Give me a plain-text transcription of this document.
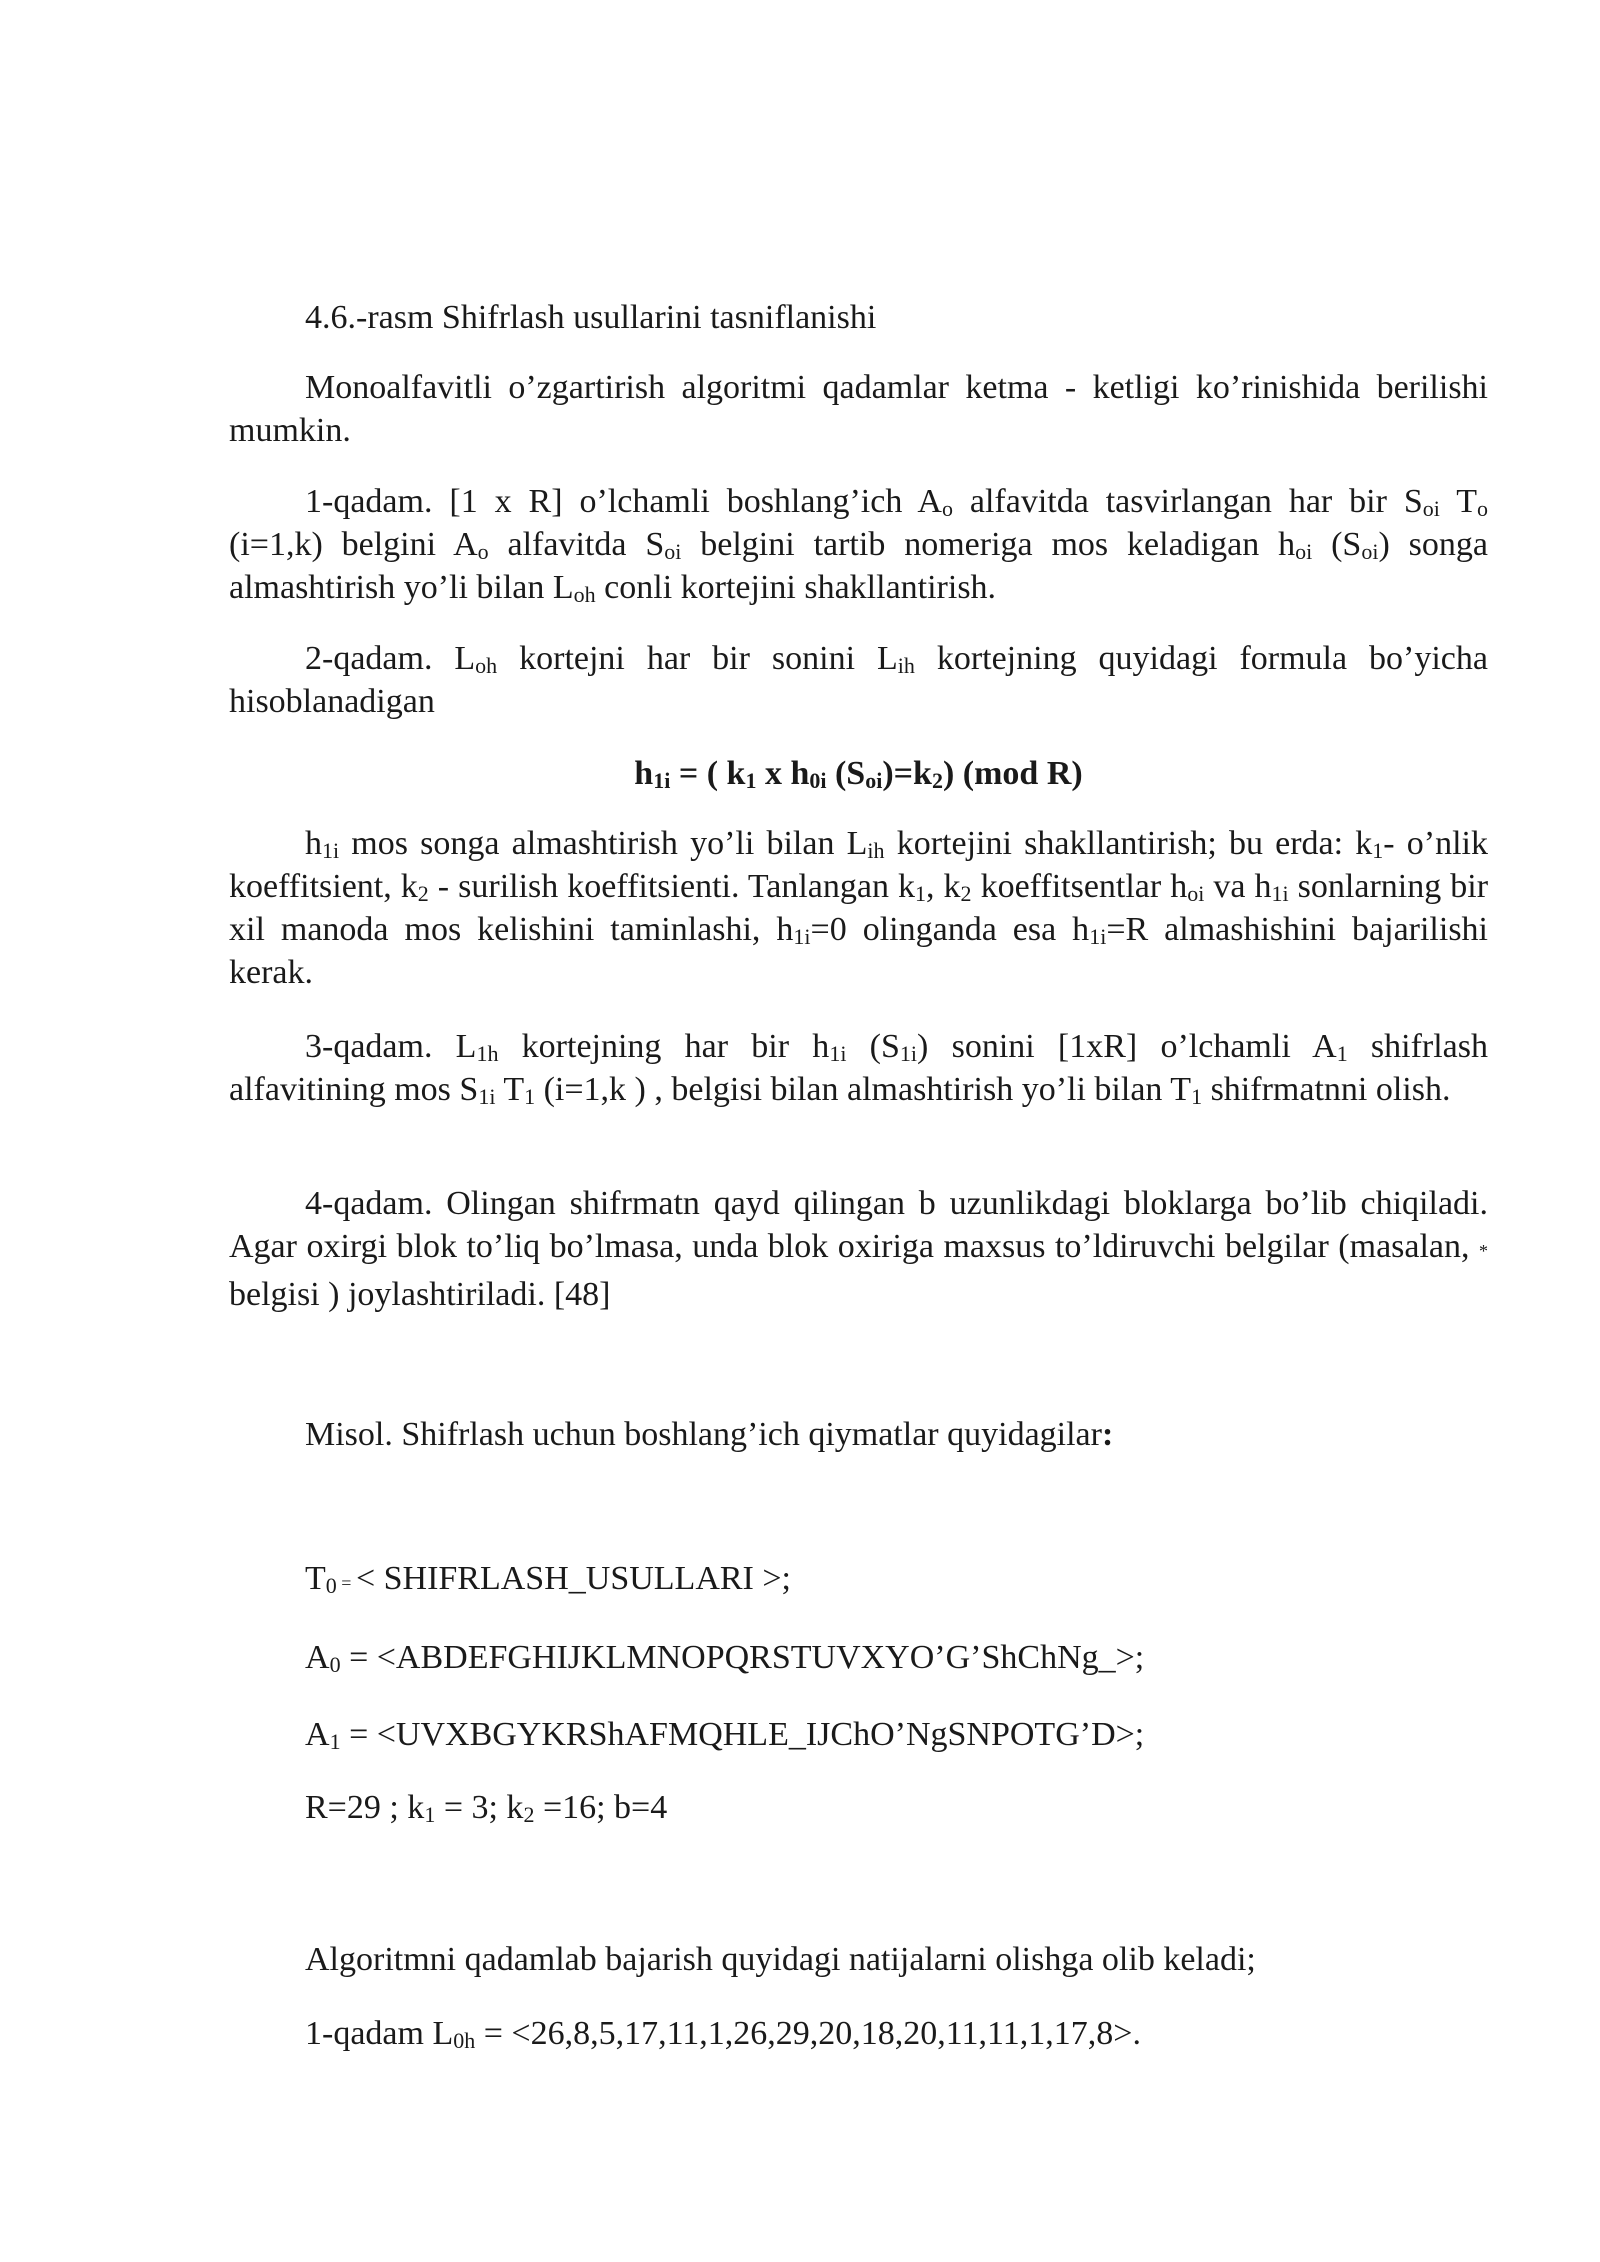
4.6.-rasm Shifrlash usullarini tasniflanishi

Monoalfavitli o’zgartirish algoritmi qadamlar ketma - ketligi ko’rinishida berilishi mumkin.

1-qadam. [1 x R] o’lchamli boshlang’ich $A_o$ alfavitda tasvirlangan har bir $S_{oi}$ $T_o$ (i=1,k) belgini $A_o$ alfavitda $S_{oi}$ belgini tartib nomeriga mos keladigan $h_{oi}$ $(S_{oi})$ songa almashtirish yo’li bilan $L_{oh}$ conli kortejini shakllantirish.

2-qadam. $L_{oh}$ kortejni har bir sonini $L_{ih}$ kortejning quyidagi formula bo’yicha hisoblanadigan

$h_{1i}$ = ( $k_1$ x $h_{0i}$ $(S_{oi})=k_2$) (mod R)

$h_{1i}$ mos songa almashtirish yo’li bilan $L_{ih}$ kortejini shakllantirish; bu erda: $k_1-$ o’nlik koeffitsient, $k_2$ - surilish koeffitsienti. Tanlangan $k_1$, $k_2$ koeffitsentlar $h_{oi}$ va $h_{1i}$ sonlarning bir xil manoda mos kelishini taminlashi, $h_{1i}=0$ olinganda esa $h_{1i}=R$ almashishini bajarilishi kerak.

3-qadam. $L_{1h}$ kortejning har bir $h_{1i}$ $(S_{1i})$ sonini [1xR] o’lchamli $A_1$ shifrlash alfavitining mos $S_{1i}$ $T_1$ (i=1,k ) , belgisi bilan almashtirish yo’li bilan $T_1$ shifrmatnni olish.

4-qadam. Olingan shifrmatn qayd qilingan b uzunlikdagi bloklarga bo’lib chiqiladi. Agar oxirgi blok to’liq bo’lmasa, unda blok oxiriga maxsus to’ldiruvchi belgilar (masalan, * belgisi ) joylashtiriladi. [48]

Misol. Shifrlash uchun boshlang’ich qiymatlar quyidagilar:

$T_0$ = < SHIFRLASH_USULLARI >;

$A_0$ = <ABDEFGHIJKLMNOPQRSTUVXYO’G’ShChNg_>;

$A_1$ = <UVXBGYKRShAFMQHLE_IJChO’NgSNPOTG’D>;

R=29 ; $k_1 = 3$; $k_2 =16$; b=4

Algoritmni qadamlab bajarish quyidagi natijalarni olishga olib keladi;

1-qadam $L_{0h} = <26,8,5,17,11,1,26,29,20,18,20,11,11,1,17,8>$.
